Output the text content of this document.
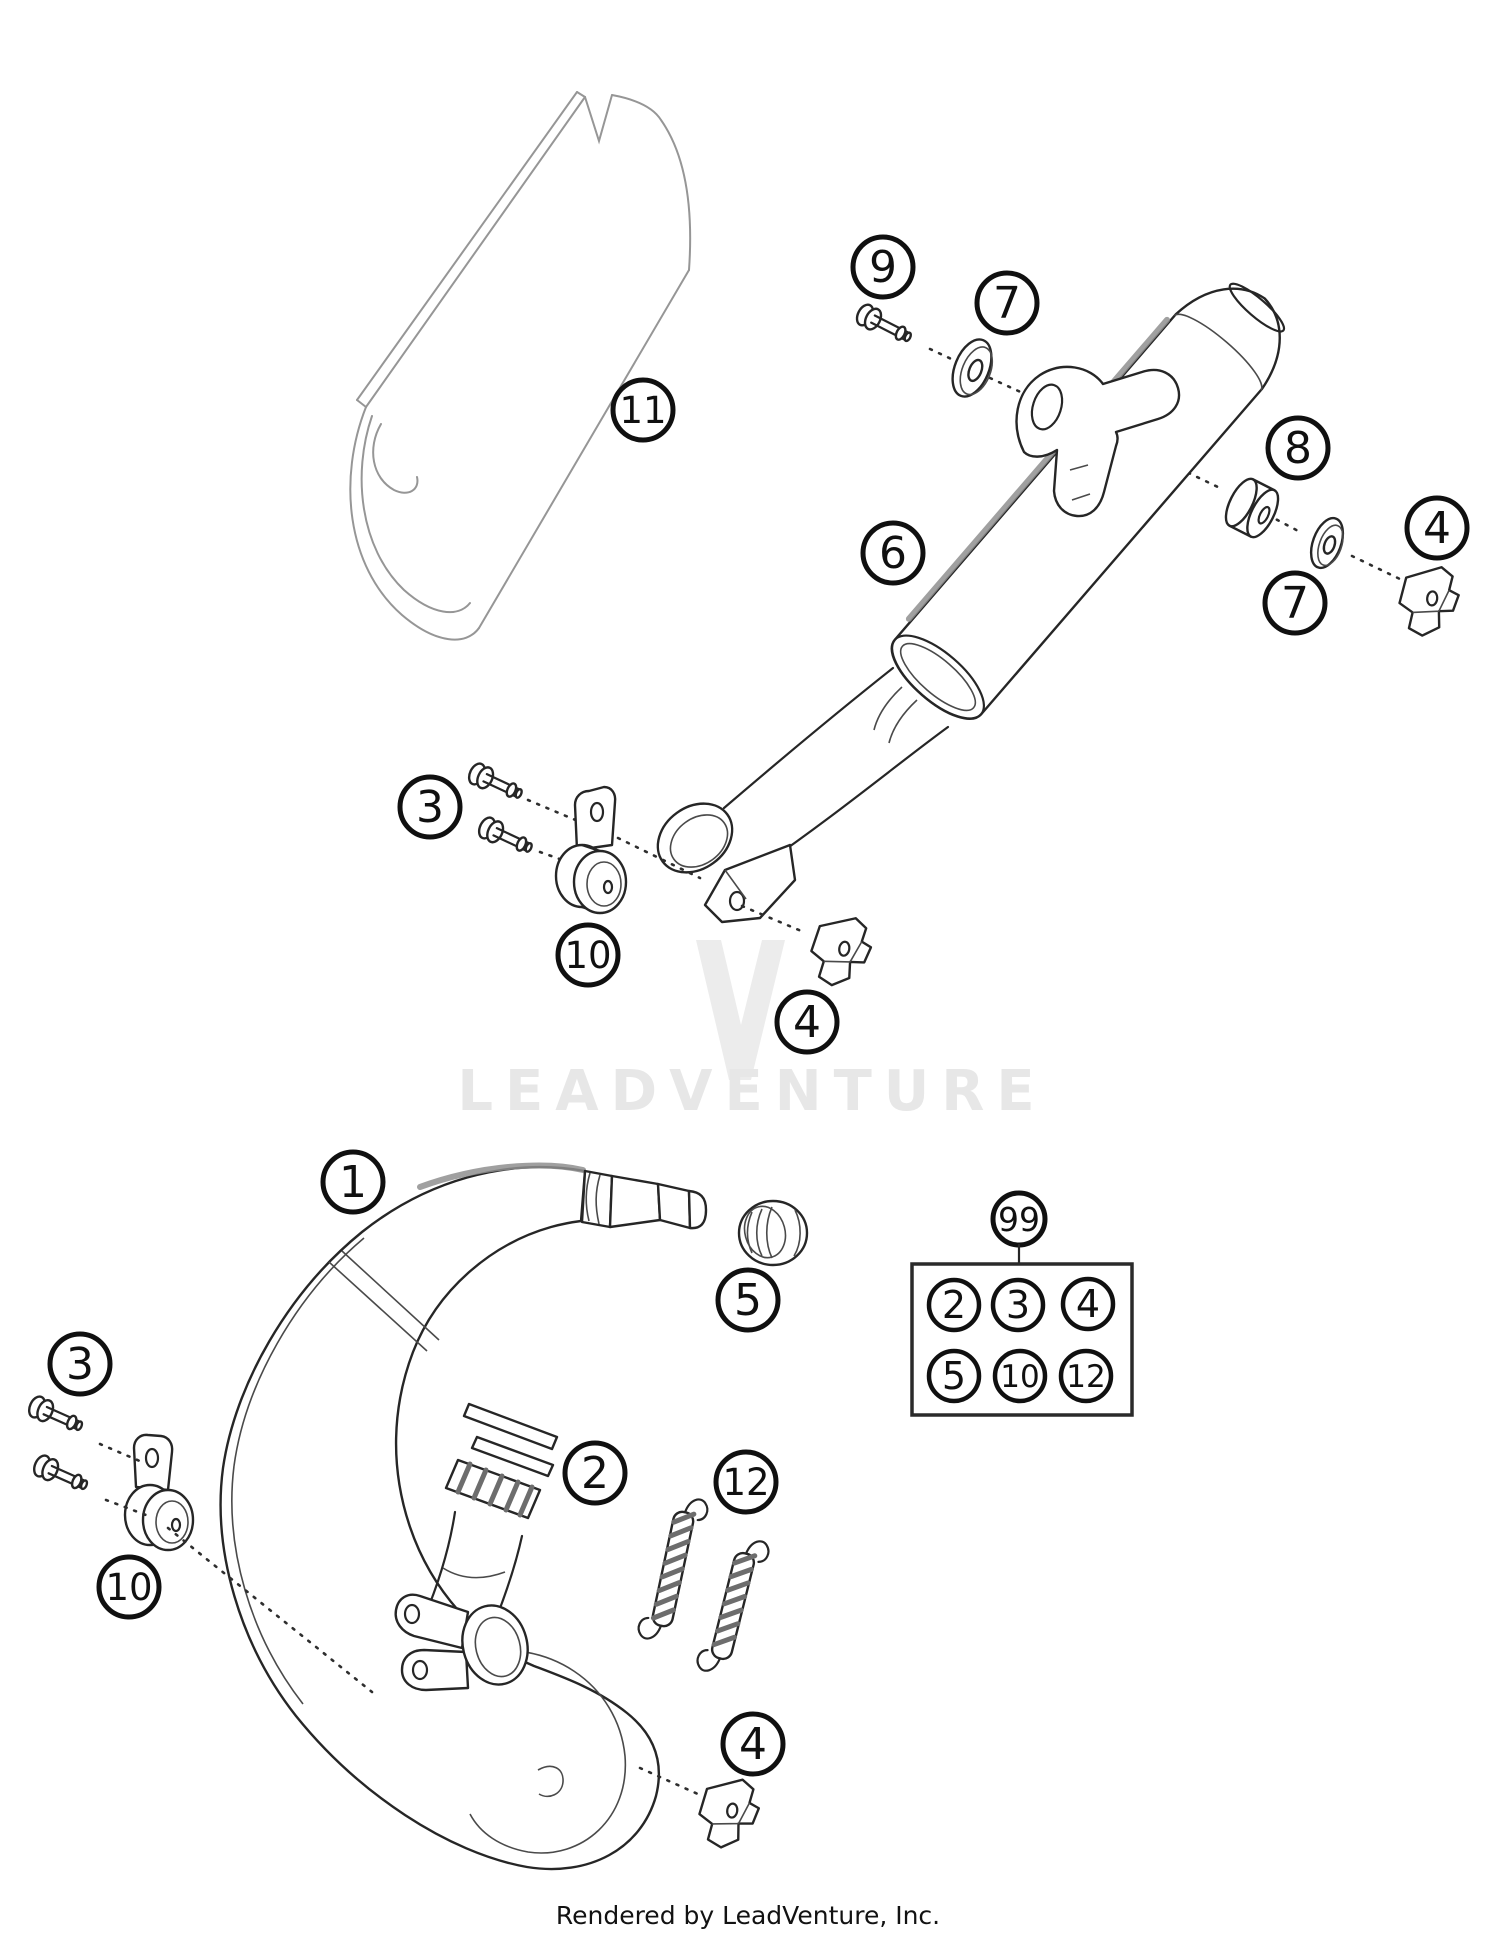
LEADVENTURE
99
2 3 4
5 10 12
11
9
7
6
8
4
7
3
10
4
1
5
3
2	12
10
4
Rendered by LeadVenture, Inc.
